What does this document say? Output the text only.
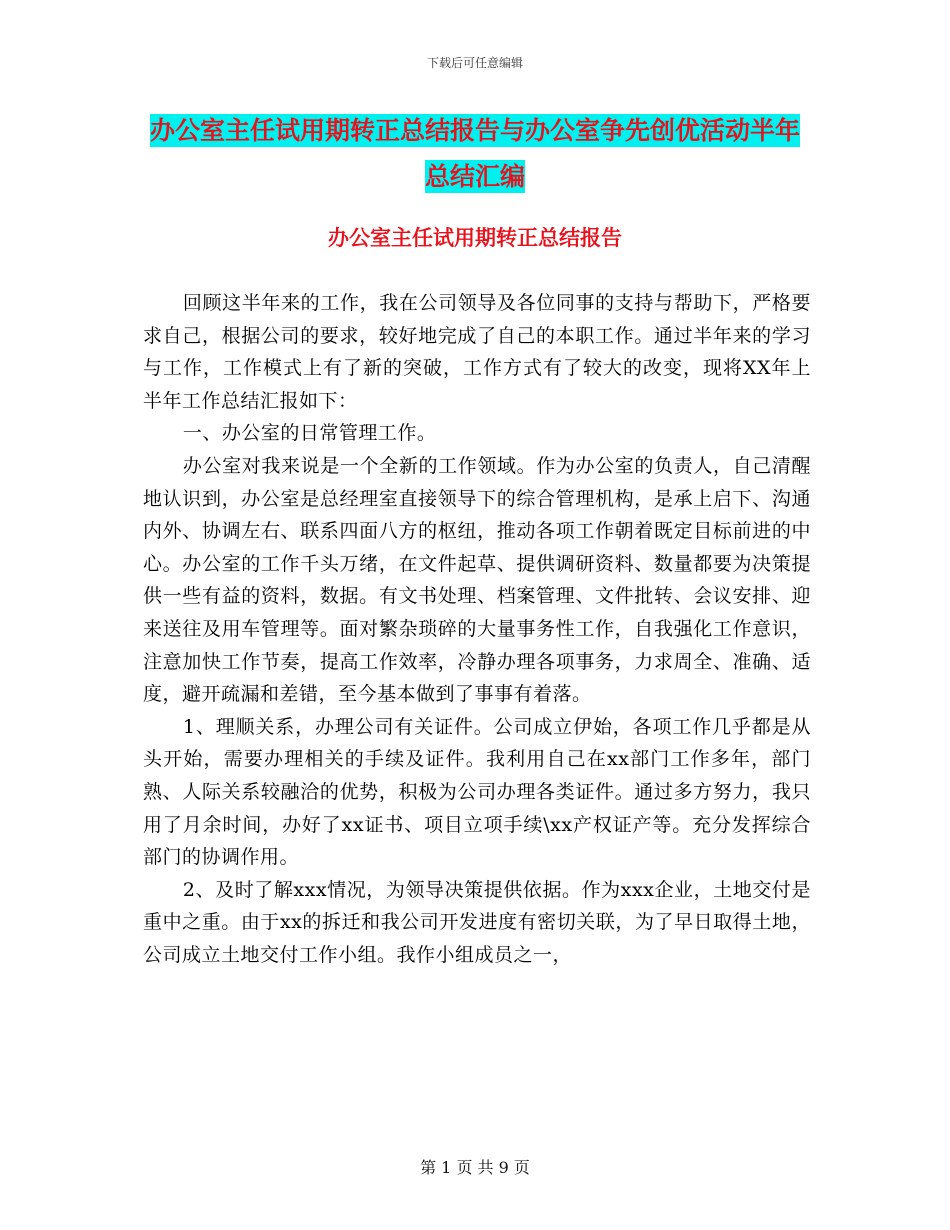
下载后可任意编辑
办公室主任试用期转正总结报告与办公室争先创优活动半年总结汇编
办公室主任试用期转正总结报告

回顾这半年来的工作，我在公司领导及各位同事的支持与帮助下，严格要求自己，根据公司的要求，较好地完成了自己的本职工作。通过半年来的学习与工作，工作模式上有了新的突破，工作方式有了较大的改变，现将XX年上半年工作总结汇报如下：

一、办公室的日常管理工作。

办公室对我来说是一个全新的工作领域。作为办公室的负责人，自己清醒地认识到，办公室是总经理室直接领导下的综合管理机构，是承上启下、沟通内外、协调左右、联系四面八方的枢纽，推动各项工作朝着既定目标前进的中心。办公室的工作千头万绪，在文件起草、提供调研资料、数量都要为决策提供一些有益的资料，数据。有文书处理、档案管理、文件批转、会议安排、迎来送往及用车管理等。面对繁杂琐碎的大量事务性工作，自我强化工作意识，注意加快工作节奏，提高工作效率，冷静办理各项事务，力求周全、准确、适度，避开疏漏和差错，至今基本做到了事事有着落。

1、理顺关系，办理公司有关证件。公司成立伊始，各项工作几乎都是从头开始，需要办理相关的手续及证件。我利用自己在xx部门工作多年，部门熟、人际关系较融洽的优势，积极为公司办理各类证件。通过多方努力，我只用了月余时间，办好了xx证书、项目立项手续\xx产权证产等。充分发挥综合部门的协调作用。

2、及时了解xxx情况，为领导决策提供依据。作为xxx企业，土地交付是重中之重。由于xx的拆迁和我公司开发进度有密切关联，为了早日取得土地，公司成立土地交付工作小组。我作小组成员之一，

第 1 页 共 9 页
